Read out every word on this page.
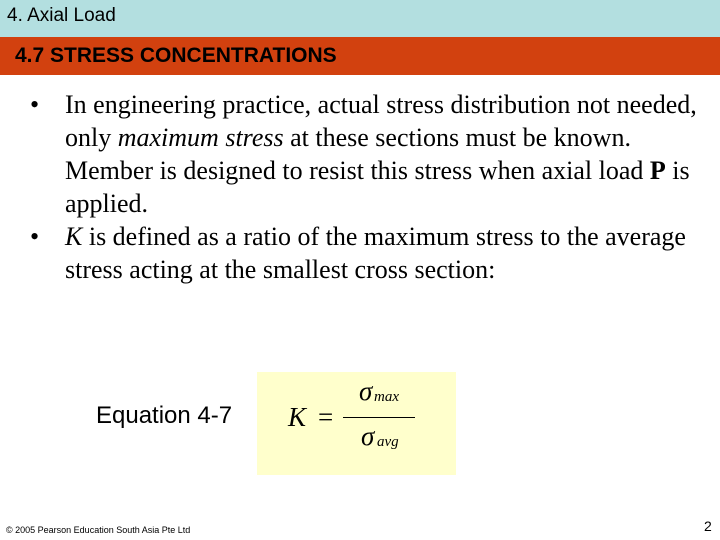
4. Axial Load
4.7 STRESS CONCENTRATIONS
• In engineering practice, actual stress distribution not needed, only maximum stress at these sections must be known. Member is designed to resist this stress when axial load P is applied.
• K is defined as a ratio of the maximum stress to the average stress acting at the smallest cross section:
Equation 4-7 K =
σ max
σ avg
© 2005 Pearson Education South Asia Pte Ltd	2
